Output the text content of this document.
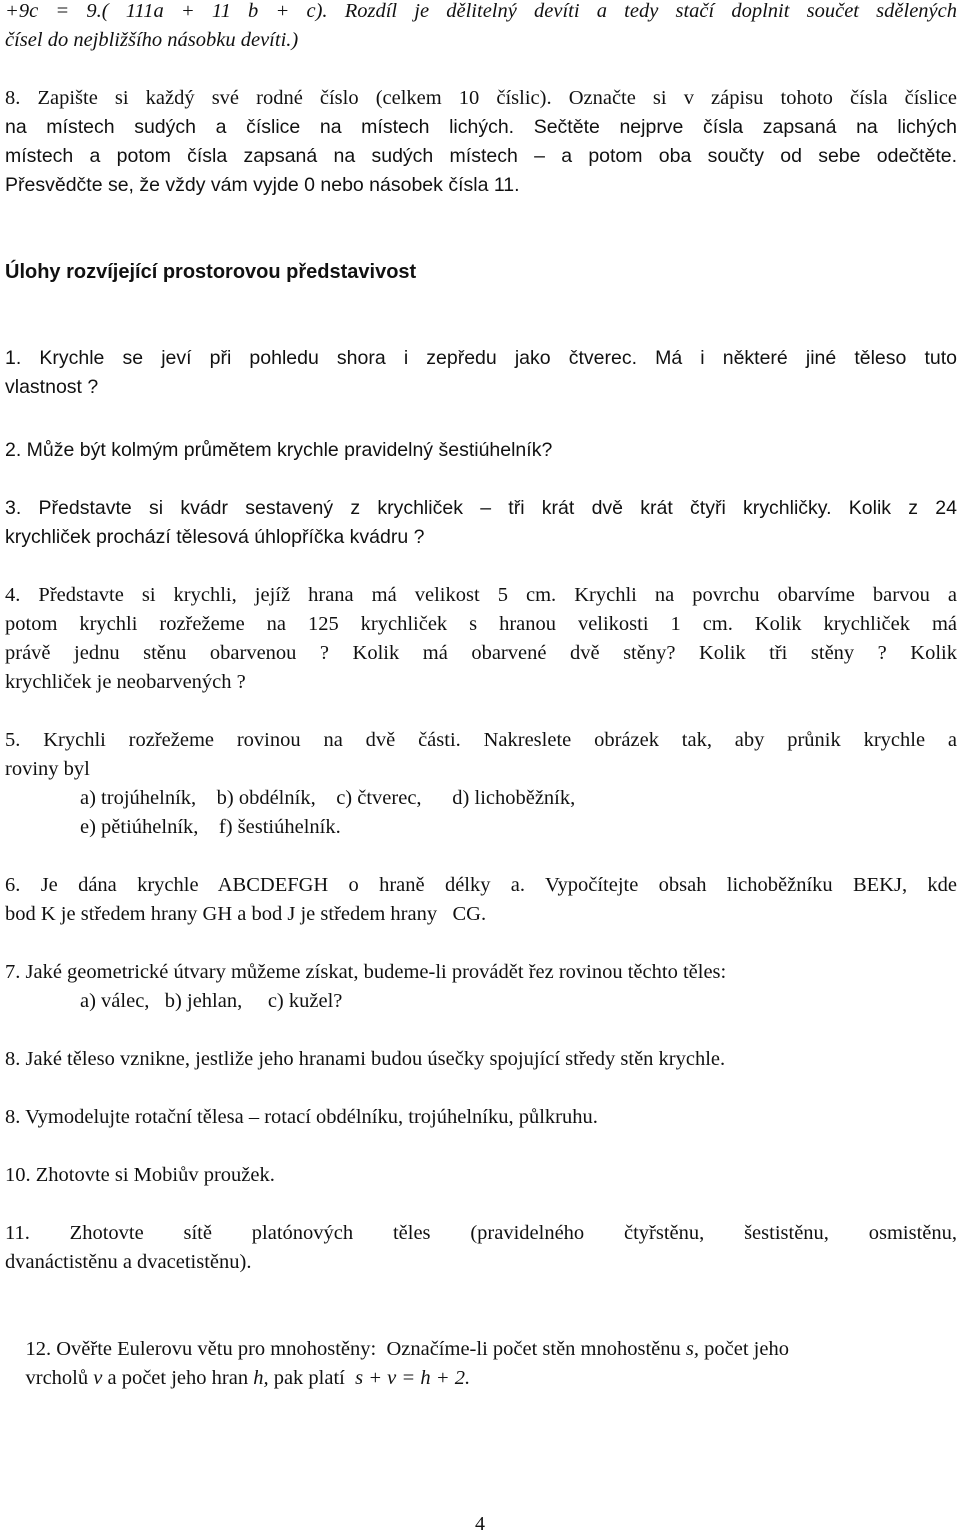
+9c = 9.( 111a + 11 b + c). Rozdíl je dělitelný devíti a tedy stačí doplnit součet sdělených
čísel do nejbližšího násobku devíti.)
8. Zapište si každý své rodné číslo (celkem 10 číslic). Označte si v zápisu tohoto čísla číslice
na místech sudých a číslice na místech lichých. Sečtěte nejprve čísla zapsaná na lichých
místech a potom čísla zapsaná na sudých místech – a potom oba součty od sebe odečtěte.
Přesvědčte se, že vždy vám vyjde 0 nebo násobek čísla 11.
Úlohy rozvíjející prostorovou představivost
1. Krychle se jeví při pohledu shora i zepředu jako čtverec. Má i některé jiné těleso tuto
vlastnost ?
2. Může být kolmým průmětem krychle pravidelný šestiúhelník?
3. Představte si kvádr sestavený z krychliček – tři krát dvě krát čtyři krychličky. Kolik z 24
krychliček prochází tělesová úhlopříčka kvádru ?
4. Představte si krychli, jejíž hrana má velikost 5 cm. Krychli na povrchu obarvíme barvou a
potom krychli rozřežeme na 125 krychliček s hranou velikosti 1 cm. Kolik krychliček má
právě jednu stěnu obarvenou ? Kolik má obarvené dvě stěny? Kolik tři stěny ? Kolik
krychliček je neobarvených ?
5. Krychli rozřežeme rovinou na dvě části. Nakreslete obrázek tak, aby průnik krychle a
roviny byl
a) trojúhelník,    b) obdélník,    c) čtverec,      d) lichoběžník,
e) pětiúhelník,    f) šestiúhelník.
6. Je dána krychle ABCDEFGH o hraně délky a. Vypočítejte obsah lichoběžníku BEKJ, kde
bod K je středem hrany GH a bod J je středem hrany   CG.
7. Jaké geometrické útvary můžeme získat, budeme-li provádět řez rovinou těchto těles:
a) válec,   b) jehlan,     c) kužel?
8. Jaké těleso vznikne, jestliže jeho hranami budou úsečky spojující středy stěn krychle.
8. Vymodelujte rotační tělesa – rotací obdélníku, trojúhelníku, půlkruhu.
10. Zhotovte si Mobiův proužek.
11. Zhotovte sítě platónových těles (pravidelného čtyřstěnu, šestistěnu, osmistěnu,
dvanáctistěnu a dvacetistěnu).

12. Ověřte Eulerovu větu pro mnohostěny:  Označíme-li počet stěn mnohostěnu s, počet jeho

vrcholů v a počet jeho hran h, pak platí  s + v = h + 2.

4
